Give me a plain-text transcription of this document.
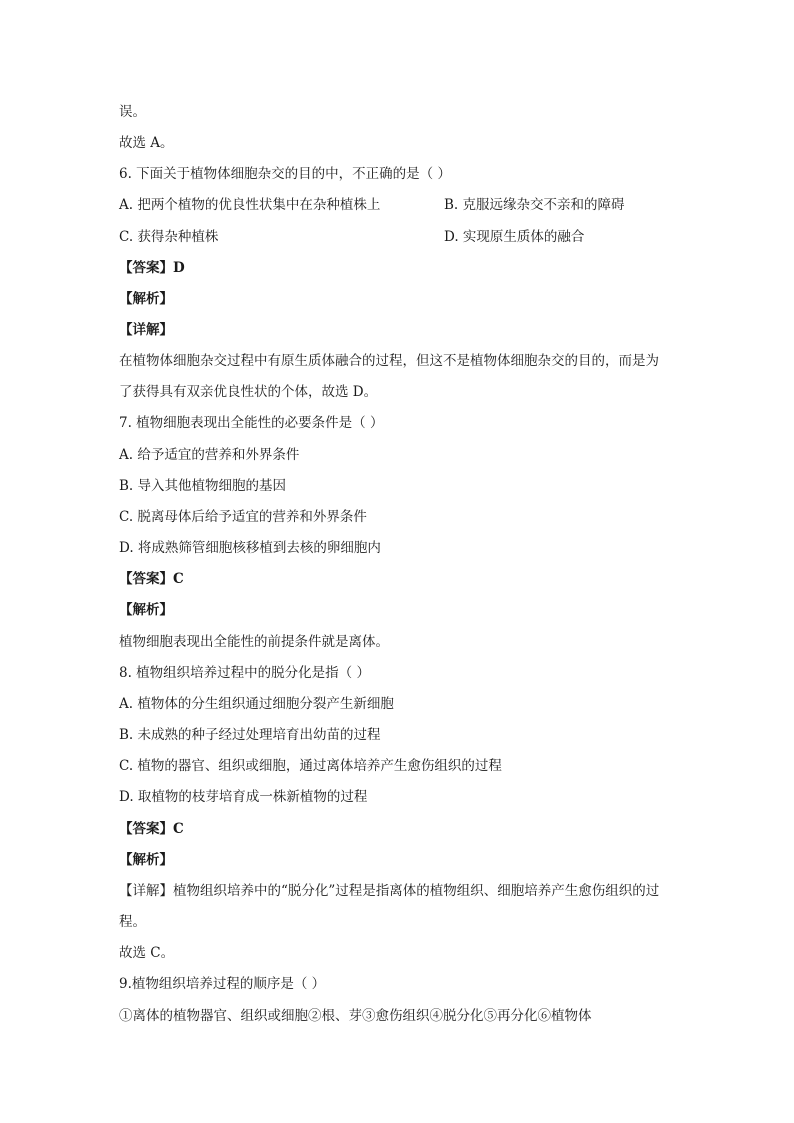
误。
故选 A。
6. 下面关于植物体细胞杂交的目的中，不正确的是（ ）
A. 把两个植物的优良性状集中在杂种植株上	B. 克服远缘杂交不亲和的障碍
C. 获得杂种植株	D. 实现原生质体的融合
【答案】D
【解析】
【详解】
在植物体细胞杂交过程中有原生质体融合的过程，但这不是植物体细胞杂交的目的，而是为
了获得具有双亲优良性状的个体，故选 D。
7. 植物细胞表现出全能性的必要条件是（ ）
A. 给予适宜的营养和外界条件
B. 导入其他植物细胞的基因
C. 脱离母体后给予适宜的营养和外界条件
D. 将成熟筛管细胞核移植到去核的卵细胞内
【答案】C
【解析】
植物细胞表现出全能性的前提条件就是离体。
8. 植物组织培养过程中的脱分化是指（ ）
A. 植物体的分生组织通过细胞分裂产生新细胞
B. 未成熟的种子经过处理培育出幼苗的过程
C. 植物的器官、组织或细胞，通过离体培养产生愈伤组织的过程
D. 取植物的枝芽培育成一株新植物的过程
【答案】C
【解析】
【详解】植物组织培养中的“脱分化”过程是指离体的植物组织、细胞培养产生愈伤组织的过
程。
故选 C。
9.植物组织培养过程的顺序是（ ）
①离体的植物器官、组织或细胞②根、芽③愈伤组织④脱分化⑤再分化⑥植物体
